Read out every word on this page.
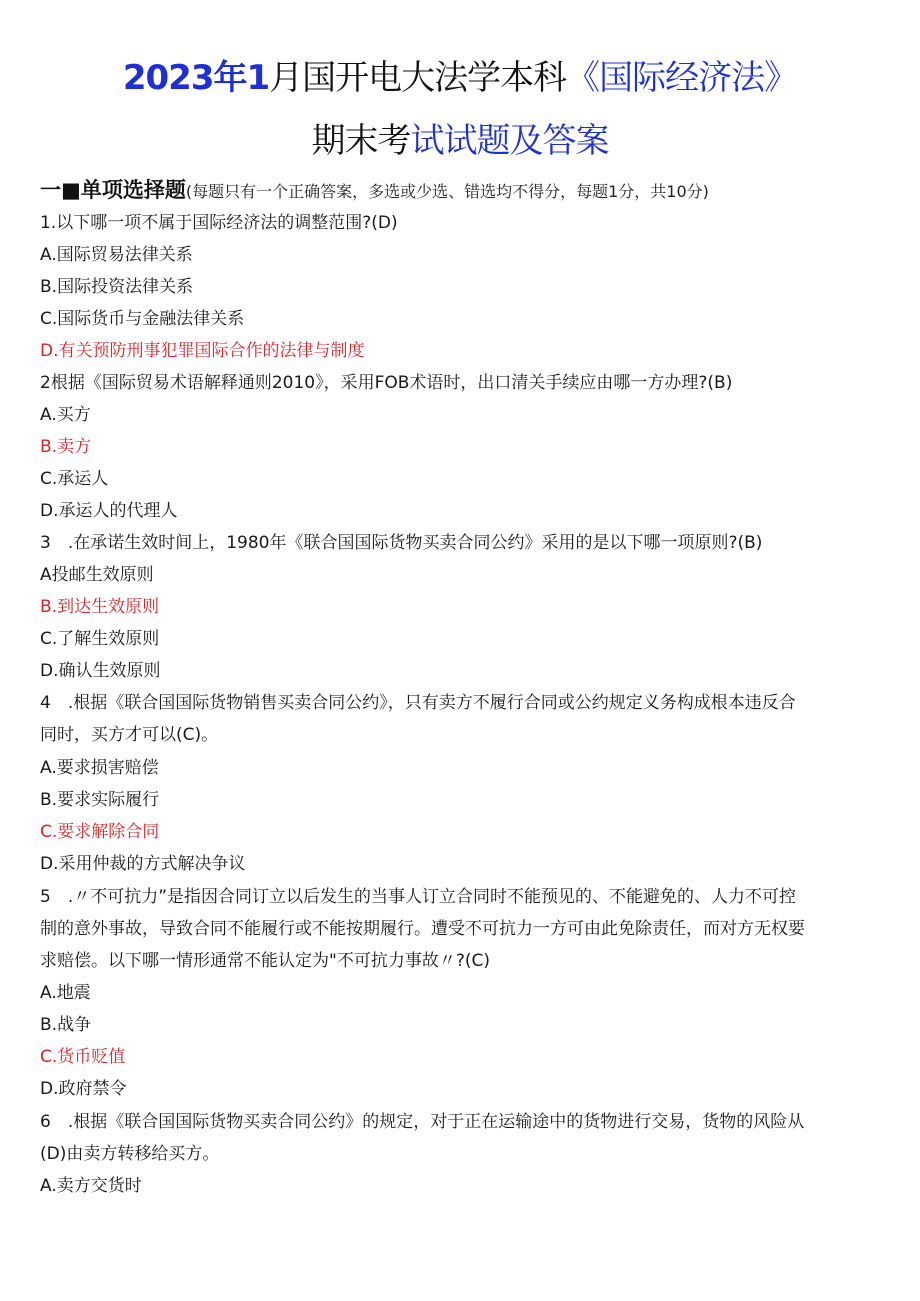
2023年1月国开电大法学本科《国际经济法》
期末考试试题及答案
一■单项选择题(每题只有一个正确答案，多选或少选、错选均不得分，每题1分，共10分)
1.以下哪一项不属于国际经济法的调整范围?(D)
A.国际贸易法律关系
B.国际投资法律关系
C.国际货币与金融法律关系
D.有关预防刑事犯罪国际合作的法律与制度
2根据《国际贸易术语解释通则2010》，采用FOB术语时，出口清关手续应由哪一方办理?(B)
A.买方
B.卖方
C.承运人
D.承运人的代理人
3　.在承诺生效时间上，1980年《联合国国际货物买卖合同公约》采用的是以下哪一项原则?(B)
A投邮生效原则
B.到达生效原则
C.了解生效原则
D.确认生效原则
4　.根据《联合国国际货物销售买卖合同公约》，只有卖方不履行合同或公约规定义务构成根本违反合
同时，买方才可以(C)。
A.要求损害赔偿
B.要求实际履行
C.要求解除合同
D.采用仲裁的方式解决争议
5　.〃不可抗力”是指因合同订立以后发生的当事人订立合同时不能预见的、不能避免的、人力不可控
制的意外事故，导致合同不能履行或不能按期履行。遭受不可抗力一方可由此免除责任，而对方无权要
求赔偿。以下哪一情形通常不能认定为"不可抗力事故〃?(C)
A.地震
B.战争
C.货币贬值
D.政府禁令
6　.根据《联合国国际货物买卖合同公约》的规定，对于正在运输途中的货物进行交易，货物的风险从
(D)由卖方转移给买方。
A.卖方交货时
